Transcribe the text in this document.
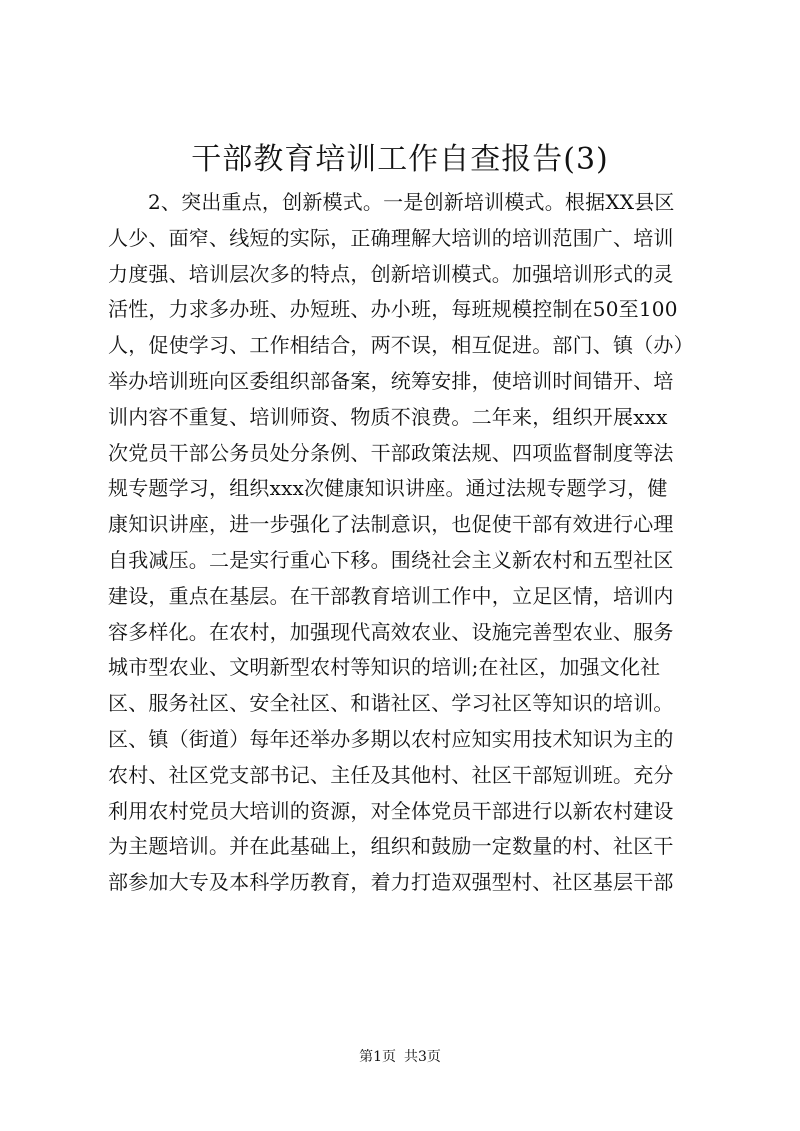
干部教育培训工作自查报告(3)
2、突出重点，创新模式。一是创新培训模式。根据XX县区
人少、面窄、线短的实际，正确理解大培训的培训范围广、培训
力度强、培训层次多的特点，创新培训模式。加强培训形式的灵
活性，力求多办班、办短班、办小班，每班规模控制在50至100
人，促使学习、工作相结合，两不误，相互促进。部门、镇（办）
举办培训班向区委组织部备案，统筹安排，使培训时间错开、培
训内容不重复、培训师资、物质不浪费。二年来，组织开展xxx
次党员干部公务员处分条例、干部政策法规、四项监督制度等法
规专题学习，组织xxx次健康知识讲座。通过法规专题学习，健
康知识讲座，进一步强化了法制意识，也促使干部有效进行心理
自我减压。二是实行重心下移。围绕社会主义新农村和五型社区
建设，重点在基层。在干部教育培训工作中，立足区情，培训内
容多样化。在农村，加强现代高效农业、设施完善型农业、服务
城市型农业、文明新型农村等知识的培训;在社区，加强文化社
区、服务社区、安全社区、和谐社区、学习社区等知识的培训。
区、镇（街道）每年还举办多期以农村应知实用技术知识为主的
农村、社区党支部书记、主任及其他村、社区干部短训班。充分
利用农村党员大培训的资源，对全体党员干部进行以新农村建设
为主题培训。并在此基础上，组织和鼓励一定数量的村、社区干
部参加大专及本科学历教育，着力打造双强型村、社区基层干部
第1页 共3页
